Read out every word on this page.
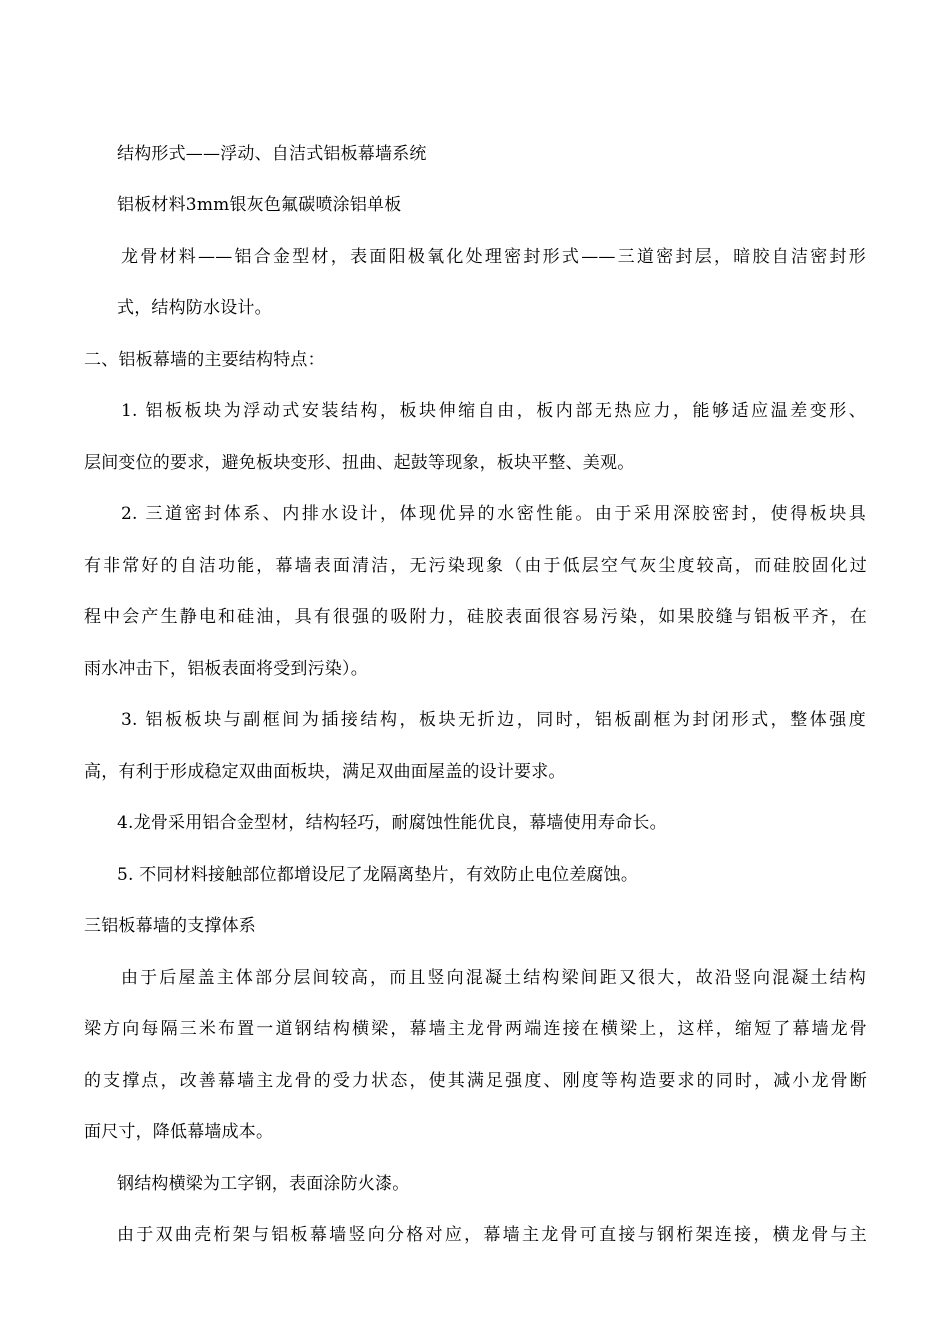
结构形式——浮动、自洁式铝板幕墙系统
铝板材料3mm银灰色氟碳喷涂铝单板
龙骨材料——铝合金型材，表面阳极氧化处理密封形式——三道密封层，暗胶自洁密封形
式，结构防水设计。
二、铝板幕墙的主要结构特点：
1. 铝板板块为浮动式安装结构，板块伸缩自由，板内部无热应力，能够适应温差变形、
层间变位的要求，避免板块变形、扭曲、起鼓等现象，板块平整、美观。
2. 三道密封体系、内排水设计，体现优异的水密性能。由于采用深胶密封，使得板块具
有非常好的自洁功能，幕墙表面清洁，无污染现象（由于低层空气灰尘度较高，而硅胶固化过
程中会产生静电和硅油，具有很强的吸附力，硅胶表面很容易污染，如果胶缝与铝板平齐，在
雨水冲击下，铝板表面将受到污染）。
3. 铝板板块与副框间为插接结构，板块无折边，同时，铝板副框为封闭形式，整体强度
高，有利于形成稳定双曲面板块，满足双曲面屋盖的设计要求。
4.龙骨采用铝合金型材，结构轻巧，耐腐蚀性能优良，幕墙使用寿命长。
5. 不同材料接触部位都增设尼了龙隔离垫片，有效防止电位差腐蚀。
三铝板幕墙的支撑体系
由于后屋盖主体部分层间较高，而且竖向混凝土结构梁间距又很大，故沿竖向混凝土结构
梁方向每隔三米布置一道钢结构横梁，幕墙主龙骨两端连接在横梁上，这样，缩短了幕墙龙骨
的支撑点，改善幕墙主龙骨的受力状态，使其满足强度、刚度等构造要求的同时，减小龙骨断
面尺寸，降低幕墙成本。
钢结构横梁为工字钢，表面涂防火漆。
由于双曲壳桁架与铝板幕墙竖向分格对应，幕墙主龙骨可直接与钢桁架连接，横龙骨与主
